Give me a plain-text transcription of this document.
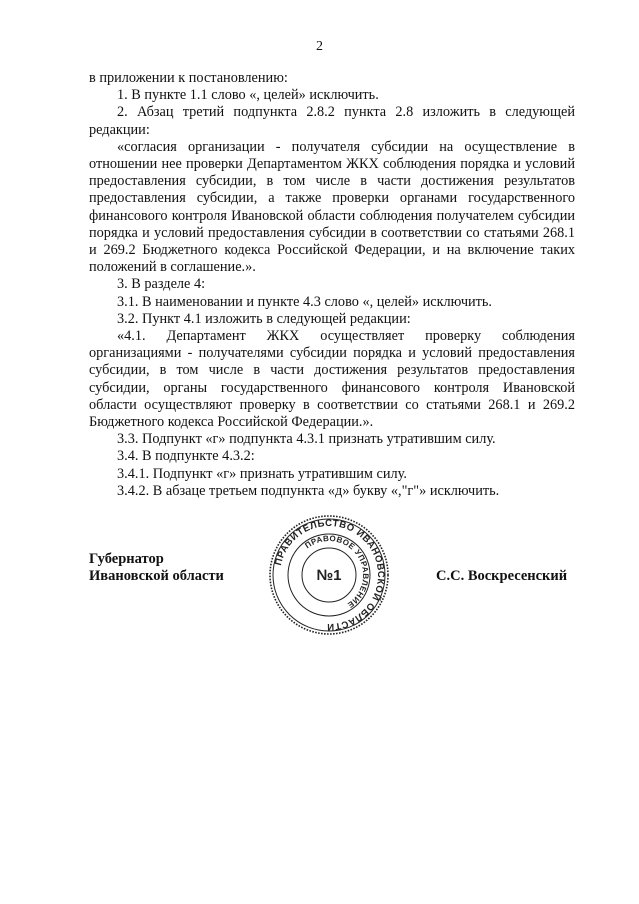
2

в приложении к постановлению:

1. В пункте 1.1 слово «, целей» исключить.

2. Абзац третий подпункта 2.8.2 пункта 2.8 изложить в следующей редакции:

«согласия организации - получателя субсидии на осуществление в отношении нее проверки Департаментом ЖКХ соблюдения порядка и условий предоставления субсидии, в том числе в части достижения результатов предоставления субсидии, а также проверки органами государственного финансового контроля Ивановской области соблюдения получателем субсидии порядка и условий предоставления субсидии в соответствии со статьями 268.1 и 269.2 Бюджетного кодекса Российской Федерации, и на включение таких положений в соглашение.».

3. В разделе 4:

3.1. В наименовании и пункте 4.3 слово «, целей» исключить.

3.2. Пункт 4.1 изложить в следующей редакции:

«4.1. Департамент ЖКХ осуществляет проверку соблюдения организациями - получателями субсидии порядка и условий предоставления субсидии, в том числе в части достижения результатов предоставления субсидии, органы государственного финансового контроля Ивановской области осуществляют проверку в соответствии со статьями 268.1 и 269.2 Бюджетного кодекса Российской Федерации.».

3.3. Подпункт «г» подпункта 4.3.1 признать утратившим силу.

3.4. В подпункте 4.3.2:

3.4.1. Подпункт «г» признать утратившим силу.

3.4.2. В абзаце третьем подпункта «д» букву «,"г"» исключить.

Губернатор
Ивановской области	С.С. Воскресенский
ПРАВИТЕЛЬСТВО ИВАНОВСКОЙ ОБЛАСТИ
ПРАВОВОЕ УПРАВЛЕНИЕ
№1
